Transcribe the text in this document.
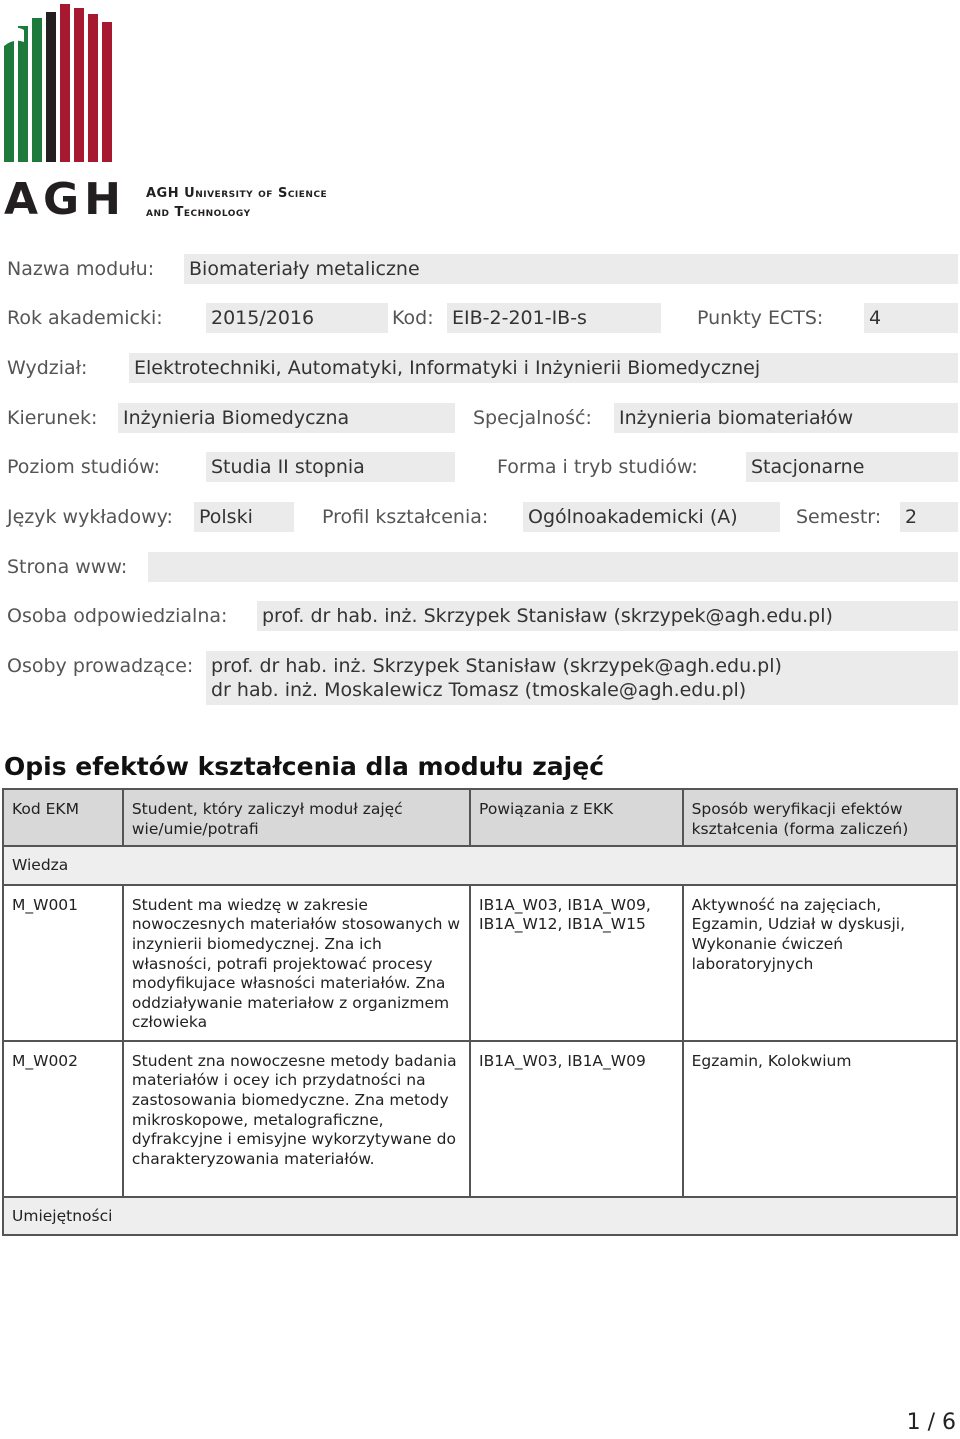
AGH AGH University of Science
and Technology
Nazwa modułu: Biomateriały metaliczne
Rok akademicki:	2015/2016	Kod: EIB-2-201-IB-s	Punkty ECTS: 4
Wydział: Elektrotechniki, Automatyki, Informatyki i Inżynierii Biomedycznej
Kierunek: Inżynieria Biomedyczna	Specjalność: Inżynieria biomateriałów
Poziom studiów:	Studia II stopnia	Forma i tryb studiów:	Stacjonarne
Język wykładowy: Polski	Profil kształcenia: Ogólnoakademicki (A)	Semestr: 2
Strona www:
Osoba odpowiedzialna: prof. dr hab. inż. Skrzypek Stanisław (skrzypek@agh.edu.pl)
Osoby prowadzące: prof. dr hab. inż. Skrzypek Stanisław (skrzypek@agh.edu.pl)
dr hab. inż. Moskalewicz Tomasz (tmoskale@agh.edu.pl)
Opis efektów kształcenia dla modułu zajęć
Kod EKM	Student, który zaliczył moduł zajęć wie/umie/potrafi	Powiązania z EKK	Sposób weryfikacji efektów kształcenia (forma zaliczeń)
Wiedza			
M_W001	Student ma wiedzę w zakresie nowoczesnych materiałów stosowanych w inzynierii biomedycznej. Zna ich własności, potrafi projektować procesy modyfikujace własności materiałów. Zna oddziaływanie materiałow z organizmem człowieka	IB1A_W03, IB1A_W09, IB1A_W12, IB1A_W15	Aktywność na zajęciach, Egzamin, Udział w dyskusji, Wykonanie ćwiczeń laboratoryjnych
M_W002	Student zna nowoczesne metody badania materiałów i ocey ich przydatności na zastosowania biomedyczne. Zna metody mikroskopowe, metalograficzne, dyfrakcyjne i emisyjne wykorzytywane do charakteryzowania materiałów.	IB1A_W03, IB1A_W09	Egzamin, Kolokwium
Umiejętności			
1 / 6
